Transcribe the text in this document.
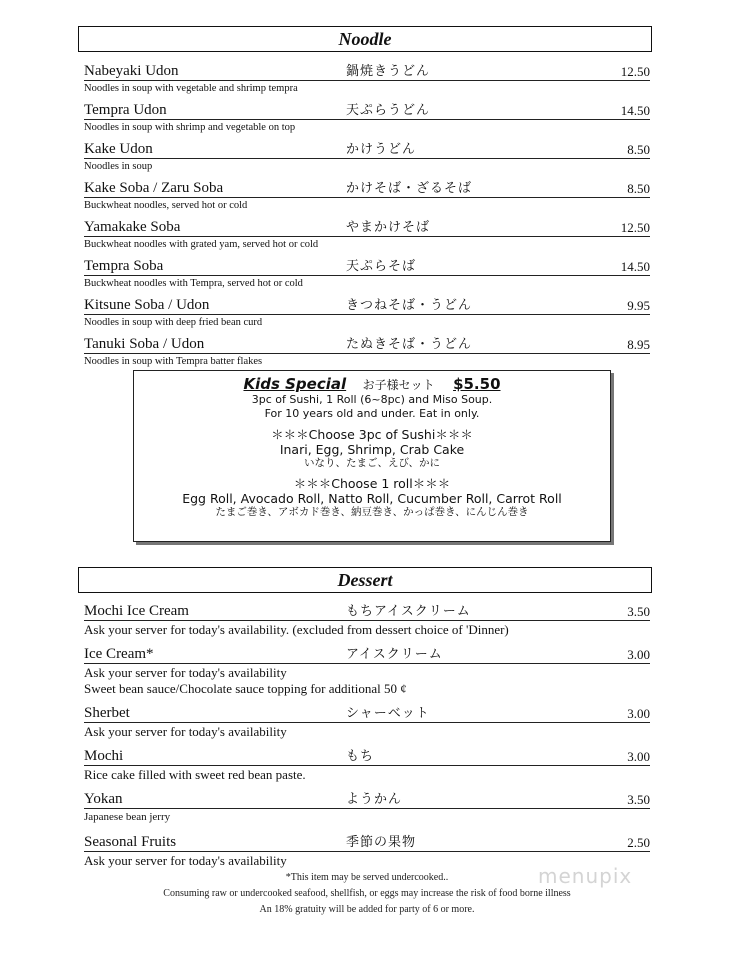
Noodle
Nabeyaki Udon	鍋焼きうどん	12.50
Noodles in soup with vegetable and shrimp tempra
Tempra Udon	天ぷらうどん	14.50
Noodles in soup with shrimp and vegetable on top
Kake Udon	かけうどん	8.50
Noodles in soup
Kake Soba / Zaru Soba	かけそば・ざるそば	8.50
Buckwheat noodles, served hot or cold
Yamakake Soba	やまかけそば	12.50
Buckwheat noodles with grated yam, served hot or cold
Tempra Soba	天ぷらそば	14.50
Buckwheat noodles with Tempra, served hot or cold
Kitsune Soba / Udon	きつねそば・うどん	9.95
Noodles in soup with deep fried bean curd
Tanuki Soba / Udon	たぬきそば・うどん	8.95
Noodles in soup with Tempra batter flakes
Kids Special お子様セット $5.50
3pc of Sushi, 1 Roll (6~8pc) and Miso Soup.
For 10 years old and under. Eat in only.
＊＊＊Choose 3pc of Sushi＊＊＊
Inari, Egg, Shrimp, Crab Cake
いなり、たまご、えび、かに
＊＊＊Choose 1 roll＊＊＊
Egg Roll, Avocado Roll, Natto Roll, Cucumber Roll, Carrot Roll
たまご巻き、アボカド巻き、納豆巻き、かっぱ巻き、にんじん巻き
Dessert
Mochi Ice Cream	もちアイスクリーム	3.50
Ask your server for today's availability. (excluded from dessert choice of 'Dinner)
Ice Cream*	アイスクリーム	3.00
Ask your server for today's availability
Sweet bean sauce/Chocolate sauce topping for additional 50 ¢
Sherbet	シャーベット	3.00
Ask your server for today's availability
Mochi	もち	3.00
Rice cake filled with sweet red bean paste.
Yokan	ようかん	3.50
Japanese bean jerry
Seasonal Fruits	季節の果物	2.50
Ask your server for today's availability
*This item may be served undercooked..
Consuming raw or undercooked seafood, shellfish, or eggs may increase the risk of food borne illness
An 18% gratuity will be added for party of 6 or more.
menupix
